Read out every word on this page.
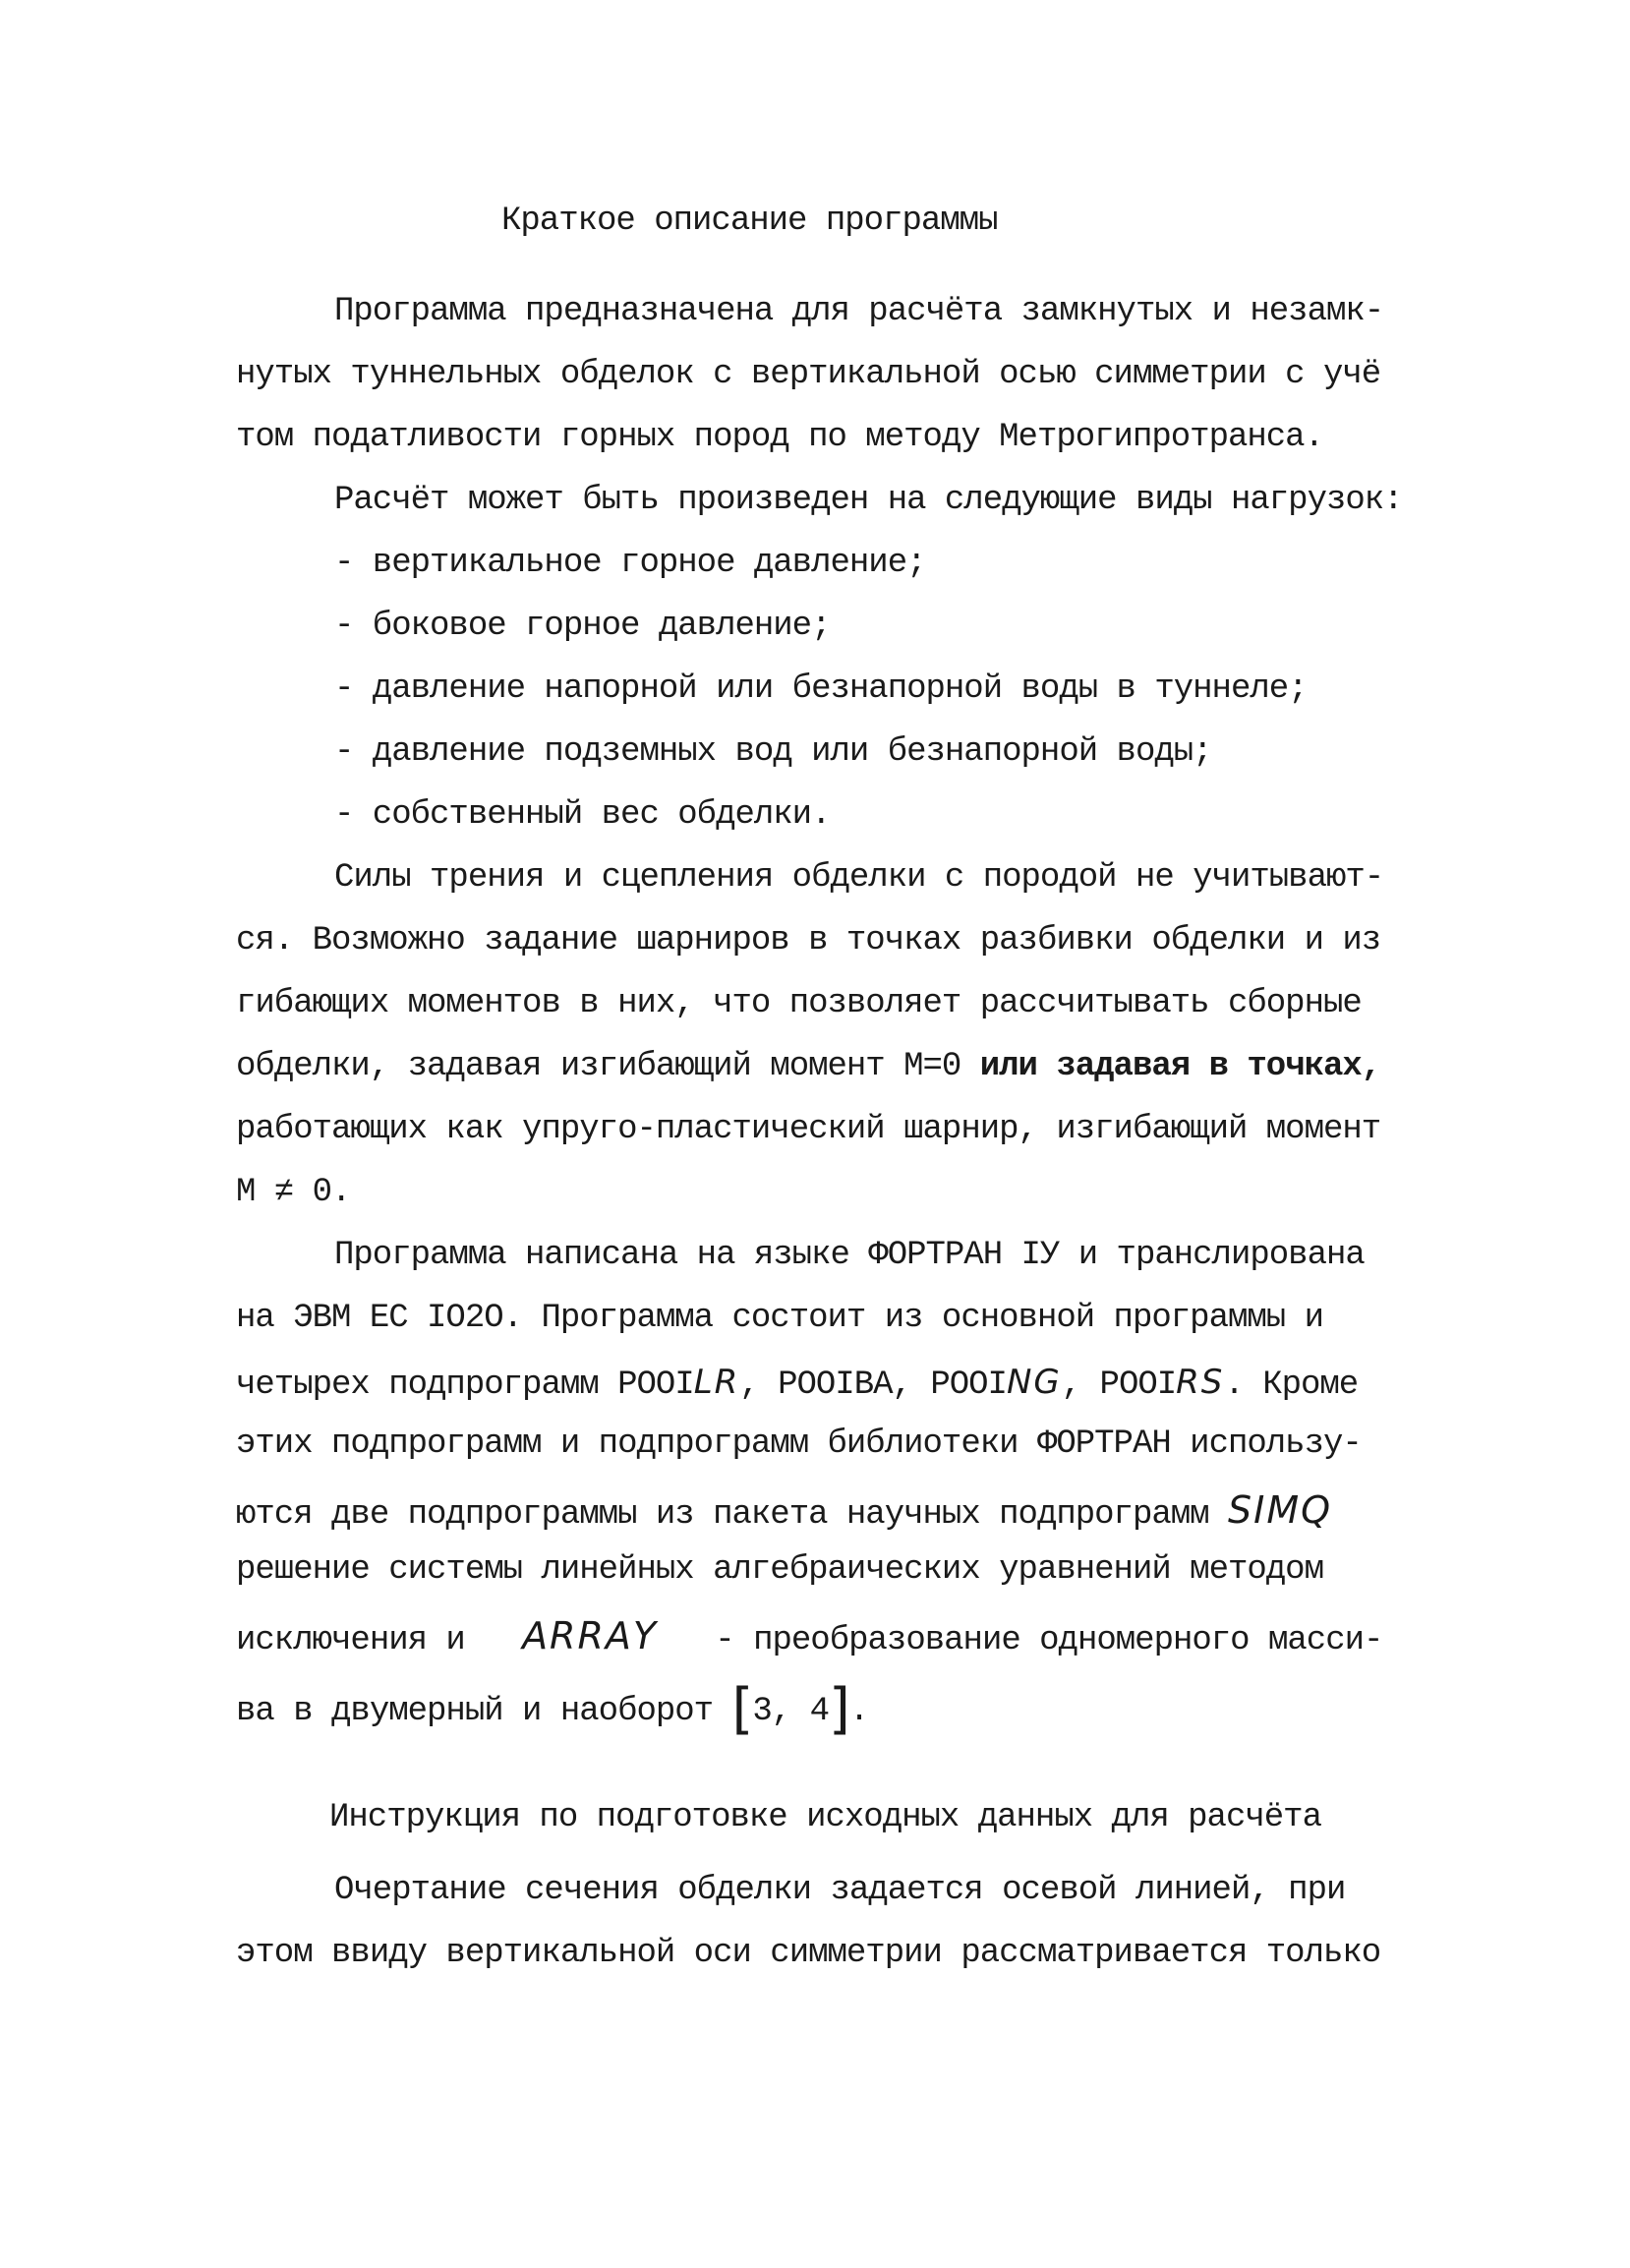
Краткое описание программы
Программа предназначена для расчёта замкнутых и незамк-
нутых туннельных обделок с вертикальной осью симметрии с учё
том податливости горных пород по методу Метрогипротранса.
Расчёт может быть произведен на следующие виды нагрузок:
- вертикальное горное давление;
- боковое горное давление;
- давление напорной или безнапорной воды в туннеле;
- давление подземных вод или безнапорной воды;
- собственный вес обделки.
Силы трения и сцепления обделки с породой не учитывают-
ся. Возможно задание шарниров в точках разбивки обделки и из
гибающих моментов в них, что позволяет рассчитывать сборные
обделки, задавая изгибающий момент М=0 или задавая в точках,
работающих как упруго-пластический шарнир, изгибающий момент
М ≠ 0.
Программа написана на языке ФОРТРАН IУ и транслирована
на ЭВМ ЕС IО2О. Программа состоит из основной программы и
четырех подпрограмм POOILR, POOIBA, POOING, POOIRS. Кроме
этих подпрограмм и подпрограмм библиотеки ФОРТРАН использу-
ются две подпрограммы из пакета научных подпрограмм SIMQ
решение системы линейных алгебраических уравнений методом
исключения и   ARRAY   - преобразование одномерного масси-
ва в двумерный и наоборот [3, 4].
Инструкция по подготовке исходных данных для расчёта
Очертание сечения обделки задается осевой линией, при
этом ввиду вертикальной оси симметрии рассматривается только
